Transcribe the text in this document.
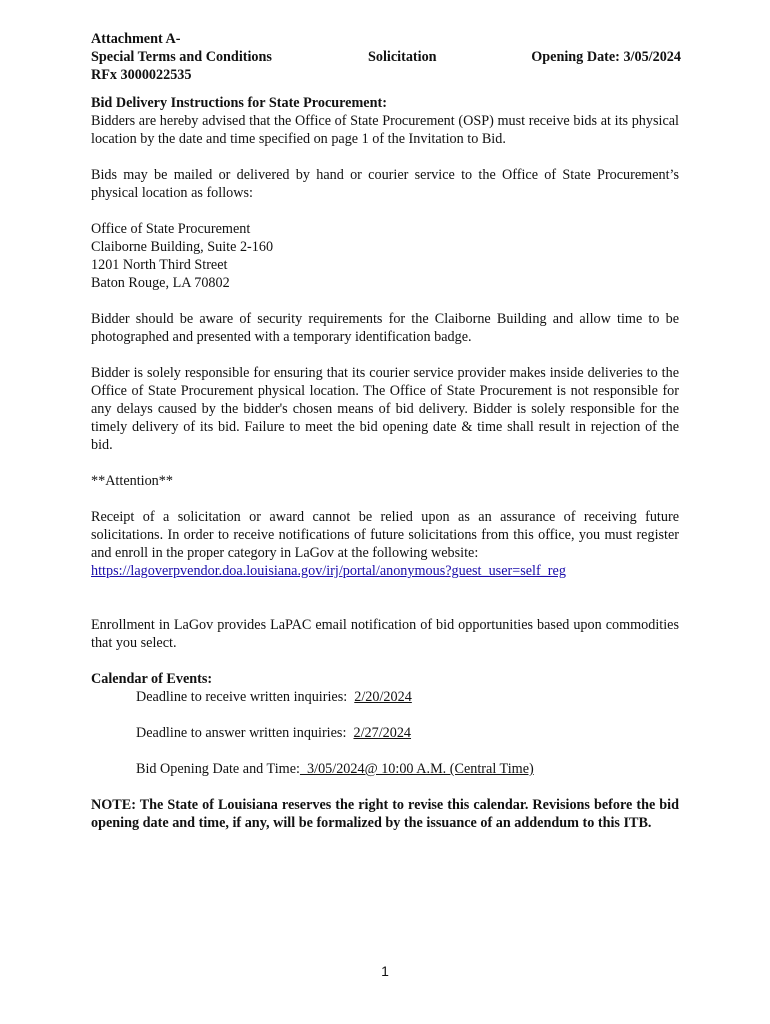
Attachment A-
Special Terms and Conditions	Solicitation	Opening Date: 3/05/2024
RFx 3000022535

Bid Delivery Instructions for State Procurement:

Bidders are hereby advised that the Office of State Procurement (OSP) must receive bids at its physical location by the date and time specified on page 1 of the Invitation to Bid.

Bids may be mailed or delivered by hand or courier service to the Office of State Procurement’s physical location as follows:

Office of State Procurement

Claiborne Building, Suite 2-160

1201 North Third Street

Baton Rouge, LA 70802

Bidder should be aware of security requirements for the Claiborne Building and allow time to be photographed and presented with a temporary identification badge.

Bidder is solely responsible for ensuring that its courier service provider makes inside deliveries to the Office of State Procurement physical location. The Office of State Procurement is not responsible for any delays caused by the bidder's chosen means of bid delivery. Bidder is solely responsible for the timely delivery of its bid. Failure to meet the bid opening date & time shall result in rejection of the bid.

**Attention**

Receipt of a solicitation or award cannot be relied upon as an assurance of receiving future solicitations. In order to receive notifications of future solicitations from this office, you must register and enroll in the proper category in LaGov at the following website:

https://lagoverpvendor.doa.louisiana.gov/irj/portal/anonymous?guest_user=self_reg

Enrollment in LaGov provides LaPAC email notification of bid opportunities based upon commodities that you select.

Calendar of Events:

Deadline to receive written inquiries:  2/20/2024

Deadline to answer written inquiries:  2/27/2024

Bid Opening Date and Time:  3/05/2024@ 10:00 A.M. (Central Time)

NOTE: The State of Louisiana reserves the right to revise this calendar. Revisions before the bid opening date and time, if any, will be formalized by the issuance of an addendum to this ITB.

1
